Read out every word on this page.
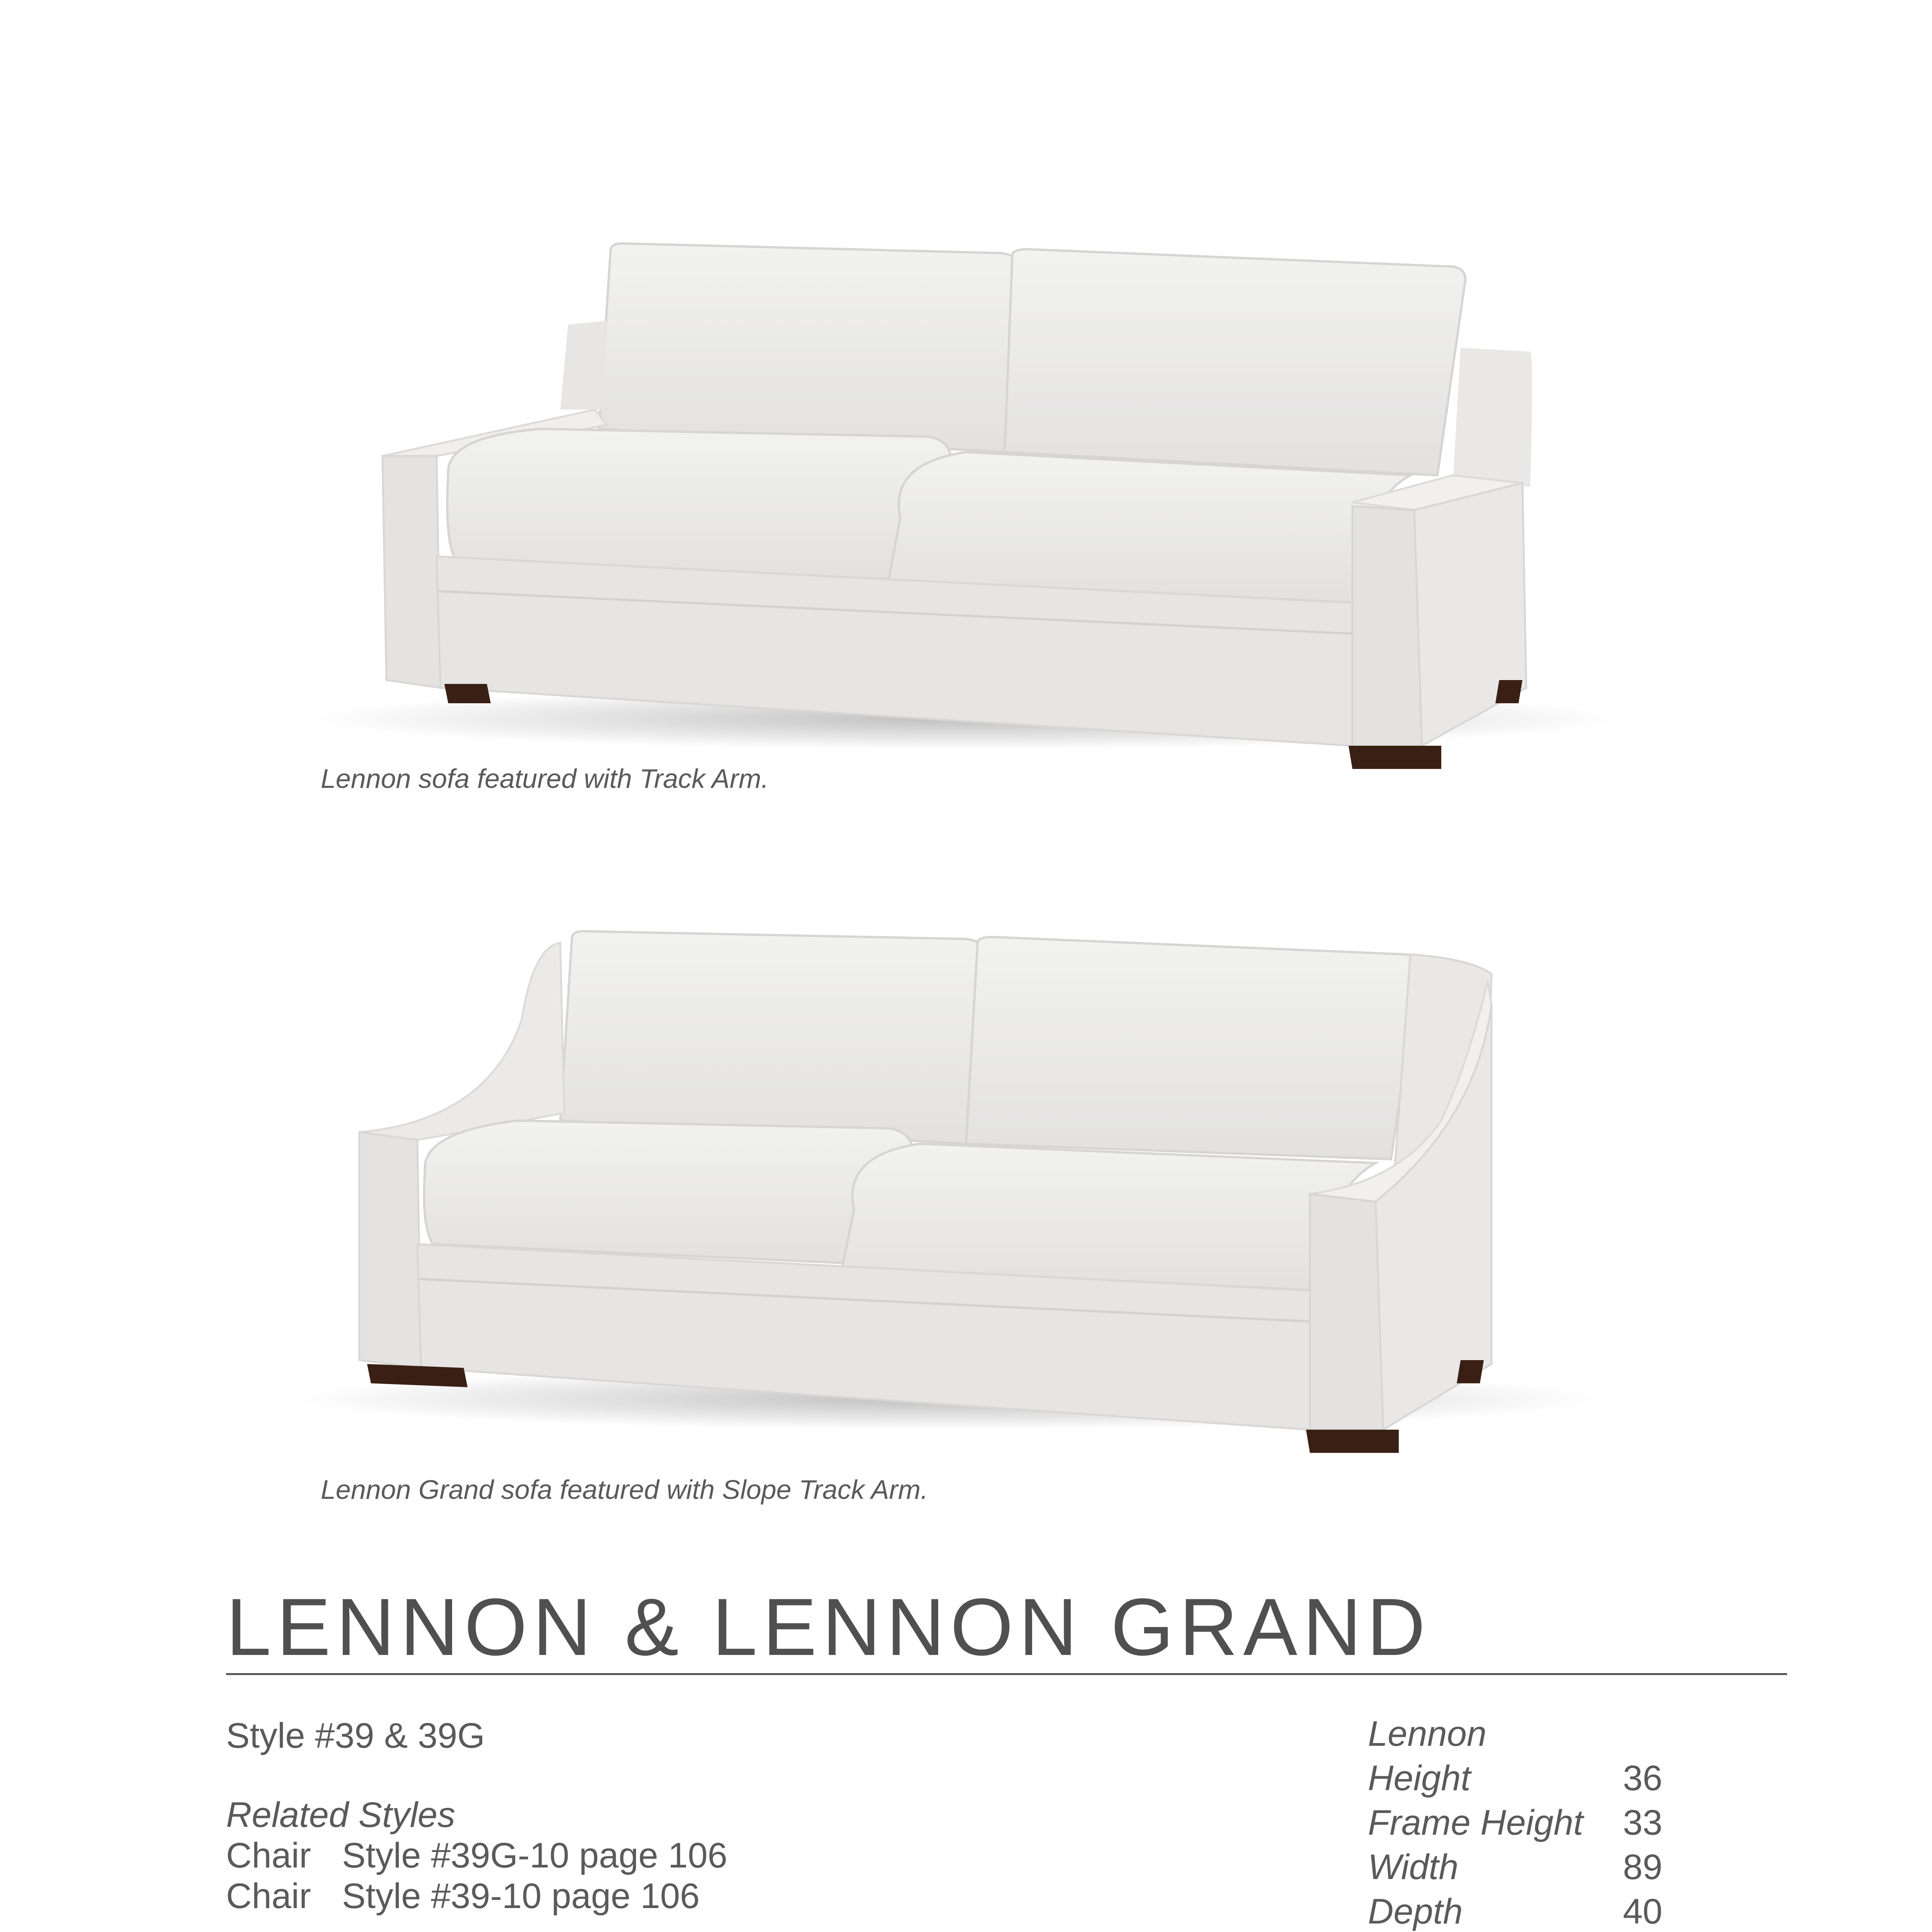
Lennon sofa featured with Track Arm.
Lennon Grand sofa featured with Slope Track Arm.
LENNON & LENNON GRAND
Style #39 & 39G
Related Styles
Chair Style #39G-10 page 106
Chair Style #39-10 page 106
Lennon
Height	36
Frame Height 33
Width	89
Depth	40
